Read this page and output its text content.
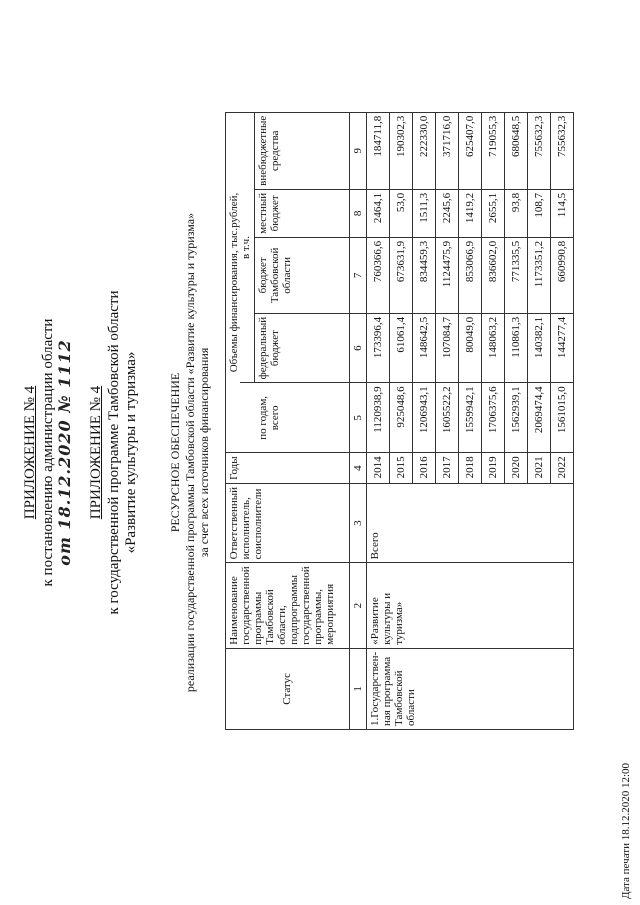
ПРИЛОЖЕНИЕ № 4 к постановлению администрации области от 18.12.2020 № 1112 ПРИЛОЖЕНИЕ № 4 к государственной программе Тамбовской области «Развитие культуры и туризма» РЕСУРСНОЕ ОБЕСПЕЧЕНИЕ реализации государственной программы Тамбовской области «Развитие культуры и туризма» за счет всех источников финансирования
Статус	Наименование государственной программы Тамбовской области, подпрограммы государственной программы, мероприятия	Ответственный исполнитель, соисполнители	Годы	Объемы финансирования, тыс.рублей,				
					в т.ч.			
				по годам, всего	федеральный бюджет	бюджет Тамбовской области	местный бюджет	внебюджетные средства
1	2	3	4	5	6	7	8	9
1.Государствен-ная программа Тамбовской области	«Развитие культуры и туризма»	Всего	2014	1120938,9	173396,4	760366,6	2464,1	184711,8
			2015	925048,6	61061,4	673631,9	53,0	190302,3
			2016	1206943,1	148642,5	834459,3	1511,3	222330,0
			2017	1605522,2	107084,7	1124475,9	2245,6	371716,0
			2018	1559942,1	80049,0	853066,9	1419,2	625407,0
			2019	1706375,6	148063,2	836602,0	2655,1	719055,3
			2020	1562939,1	110861,3	771335,5	93,8	680648,5
			2021	2069474,4	140382,1	1173351,2	108,7	755632,3
			2022	1561015,0	144277,4	660990,8	114,5	755632,3
Дата печати 18.12.2020 12:00
